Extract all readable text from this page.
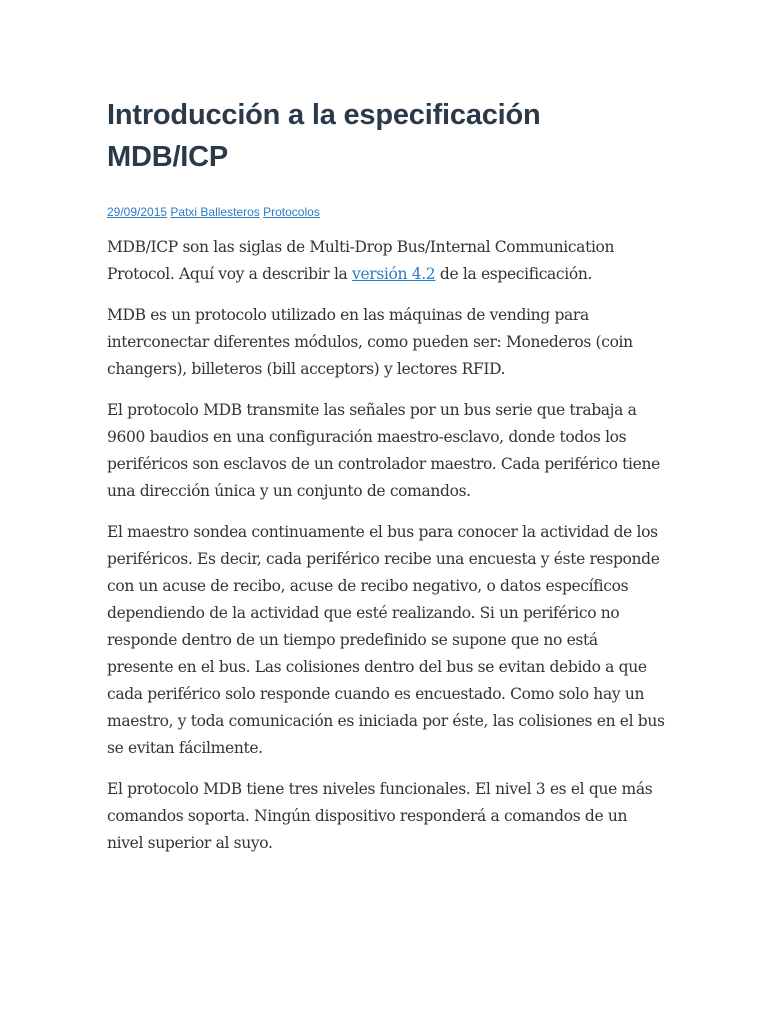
Introducción a la especificación MDB/ICP
29/09/2015 Patxi Ballesteros Protocolos

MDB/ICP son las siglas de Multi-Drop Bus/Internal Communication Protocol. Aquí voy a describir la versión 4.2 de la especificación.

MDB es un protocolo utilizado en las máquinas de vending para interconectar diferentes módulos, como pueden ser: Monederos (coin changers), billeteros (bill acceptors) y lectores RFID.

El protocolo MDB transmite las señales por un bus serie que trabaja a 9600 baudios en una configuración maestro-esclavo, donde todos los periféricos son esclavos de un controlador maestro. Cada periférico tiene una dirección única y un conjunto de comandos.

El maestro sondea continuamente el bus para conocer la actividad de los periféricos. Es decir, cada periférico recibe una encuesta y éste responde con un acuse de recibo, acuse de recibo negativo, o datos específicos dependiendo de la actividad que esté realizando. Si un periférico no responde dentro de un tiempo predefinido se supone que no está presente en el bus. Las colisiones dentro del bus se evitan debido a que cada periférico solo responde cuando es encuestado. Como solo hay un maestro, y toda comunicación es iniciada por éste, las colisiones en el bus se evitan fácilmente.

El protocolo MDB tiene tres niveles funcionales. El nivel 3 es el que más comandos soporta. Ningún dispositivo responderá a comandos de un nivel superior al suyo.
